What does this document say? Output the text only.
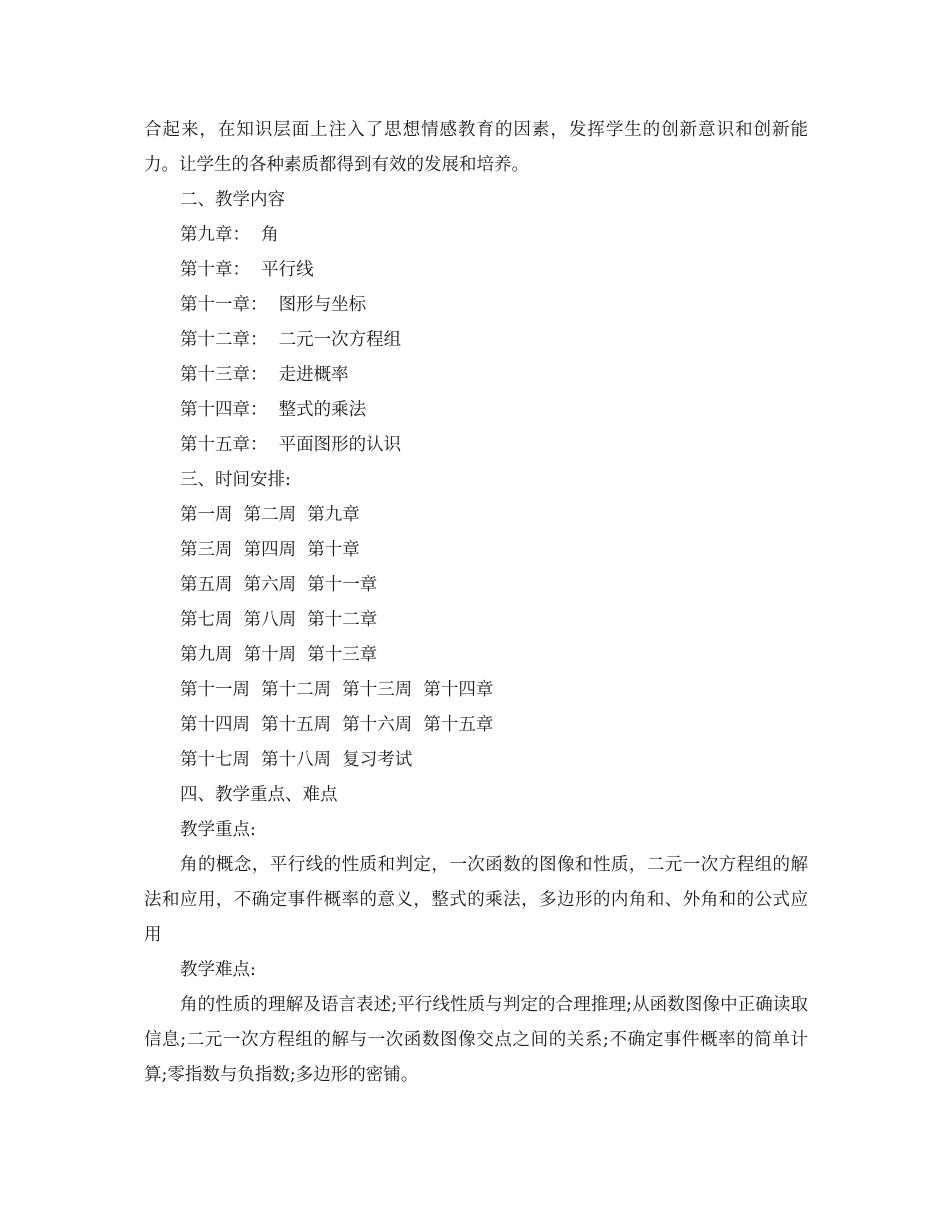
合起来，在知识层面上注入了思想情感教育的因素，发挥学生的创新意识和创新能力。让学生的各种素质都得到有效的发展和培养。
二、教学内容
第九章：  角
第十章：  平行线
第十一章：  图形与坐标
第十二章：  二元一次方程组
第十三章：  走进概率
第十四章：  整式的乘法
第十五章：  平面图形的认识
三、时间安排:
第一周  第二周  第九章
第三周  第四周  第十章
第五周  第六周  第十一章
第七周  第八周  第十二章
第九周  第十周  第十三章
第十一周  第十二周  第十三周  第十四章
第十四周  第十五周  第十六周  第十五章
第十七周  第十八周  复习考试
四、教学重点、难点
教学重点:
角的概念，平行线的性质和判定，一次函数的图像和性质，二元一次方程组的解法和应用，不确定事件概率的意义，整式的乘法，多边形的内角和、外角和的公式应用
教学难点:
角的性质的理解及语言表述;平行线性质与判定的合理推理;从函数图像中正确读取信息;二元一次方程组的解与一次函数图像交点之间的关系;不确定事件概率的简单计算;零指数与负指数;多边形的密铺。
